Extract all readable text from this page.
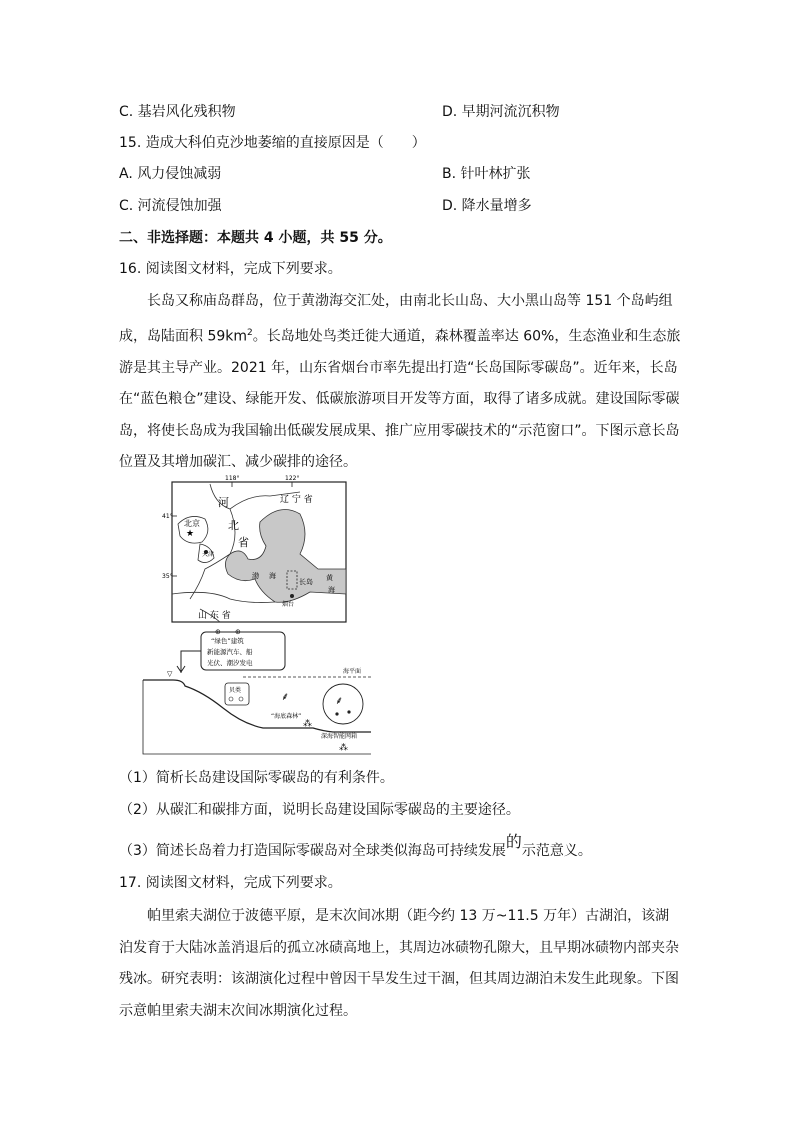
C. 基岩风化残积物	D. 早期河流沉积物
15. 造成大科伯克沙地萎缩的直接原因是（　　）
A. 风力侵蚀减弱	B. 针叶林扩张
C. 河流侵蚀加强	D. 降水量增多
二、非选择题：本题共 4 小题，共 55 分。
16. 阅读图文材料，完成下列要求。
长岛又称庙岛群岛，位于黄渤海交汇处，由南北长山岛、大小黑山岛等 151 个岛屿组成，岛陆面积 $59km^2$。长岛地处鸟类迁徙大通道，森林覆盖率达 60%，生态渔业和生态旅游是其主导产业。2021 年，山东省烟台市率先提出打造“长岛国际零碳岛”。近年来，长岛在“蓝色粮仓”建设、绿能开发、低碳旅游项目开发等方面，取得了诸多成就。建设国际零碳岛，将使长岛成为我国输出低碳发展成果、推广应用零碳技术的“示范窗口”。下图示意长岛位置及其增加碳汇、减少碳排的途径。
★
118°	122°
41°
35°
河
北
省
辽 宁 省
北京
天津
渤 海
长岛 黄
海
烟台
山 东 省
“绿色”建筑
新能源汽车、船
光伏、潮汐发电
⊕ ⊕
海平面
▽
贝类	⸙
“海底森林”
⁂
⸙
深海智能网箱
⁂
（1）简析长岛建设国际零碳岛的有利条件。
（2）从碳汇和碳排方面，说明长岛建设国际零碳岛的主要途径。
（3）简述长岛着力打造国际零碳岛对全球类似海岛可持续发展的示范意义。
17. 阅读图文材料，完成下列要求。
帕里索夫湖位于波德平原，是末次间冰期（距今约 13 万~11.5 万年）古湖泊，该湖泊发育于大陆冰盖消退后的孤立冰碛高地上，其周边冰碛物孔隙大，且早期冰碛物内部夹杂残冰。研究表明：该湖演化过程中曾因干旱发生过干涸，但其周边湖泊未发生此现象。下图示意帕里索夫湖末次间冰期演化过程。
